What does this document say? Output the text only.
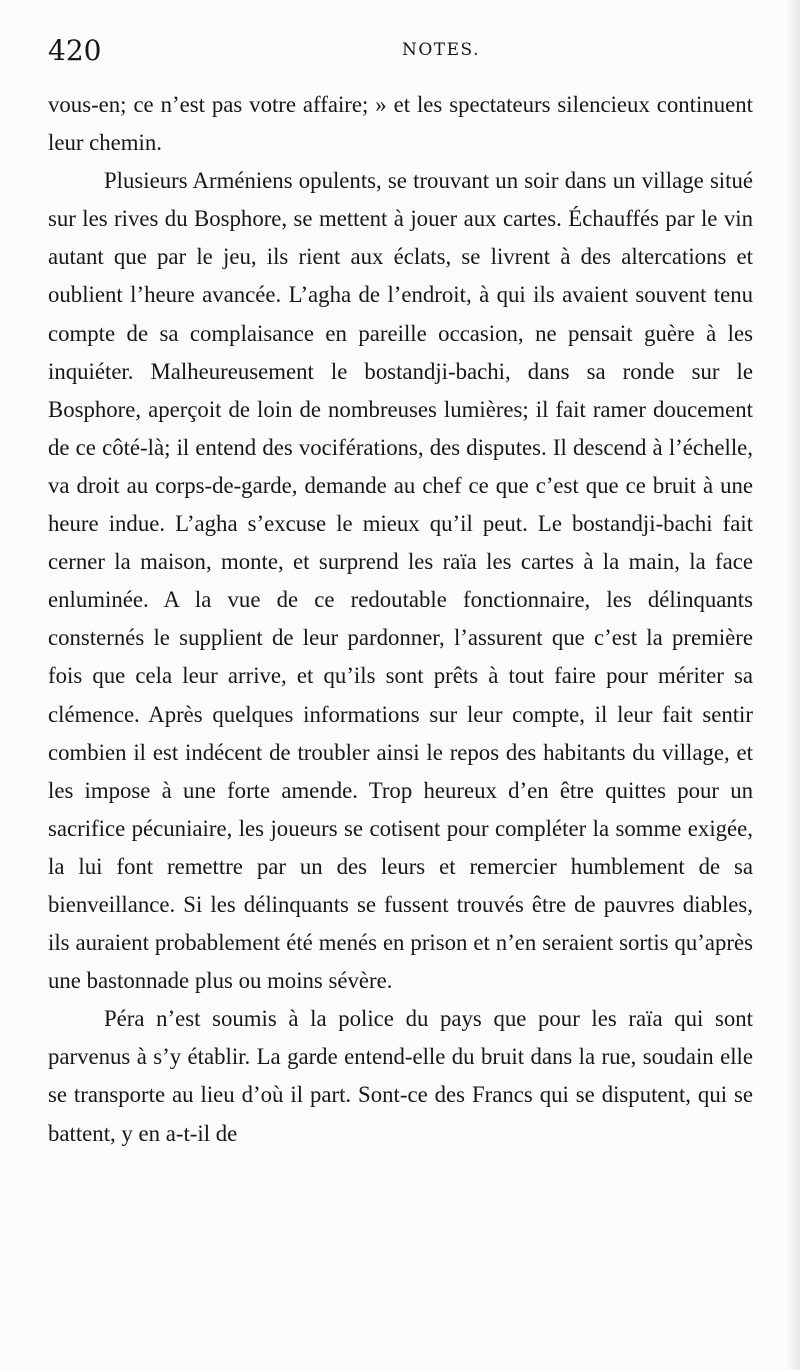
420	NOTES.

vous-en; ce n’est pas votre affaire; » et les spectateurs silencieux continuent leur chemin.

Plusieurs Arméniens opulents, se trouvant un soir dans un village situé sur les rives du Bosphore, se mettent à jouer aux cartes. Échauffés par le vin autant que par le jeu, ils rient aux éclats, se livrent à des altercations et oublient l’heure avancée. L’agha de l’endroit, à qui ils avaient souvent tenu compte de sa complaisance en pareille occasion, ne pensait guère à les inquiéter. Malheureusement le bostandji-bachi, dans sa ronde sur le Bosphore, aperçoit de loin de nombreuses lumières; il fait ramer doucement de ce côté-là; il entend des vociférations, des disputes. Il descend à l’échelle, va droit au corps-de-garde, demande au chef ce que c’est que ce bruit à une heure indue. L’agha s’excuse le mieux qu’il peut. Le bostandji-bachi fait cerner la maison, monte, et surprend les raïa les cartes à la main, la face enluminée. A la vue de ce redoutable fonctionnaire, les délinquants consternés le supplient de leur pardonner, l’assurent que c’est la première fois que cela leur arrive, et qu’ils sont prêts à tout faire pour mériter sa clémence. Après quelques informations sur leur compte, il leur fait sentir combien il est indécent de troubler ainsi le repos des habitants du village, et les impose à une forte amende. Trop heureux d’en être quittes pour un sacrifice pécuniaire, les joueurs se cotisent pour compléter la somme exigée, la lui font remettre par un des leurs et remercier humblement de sa bienveillance. Si les délinquants se fussent trouvés être de pauvres diables, ils auraient probablement été menés en prison et n’en seraient sortis qu’après une bastonnade plus ou moins sévère.

Péra n’est soumis à la police du pays que pour les raïa qui sont parvenus à s’y établir. La garde entend-elle du bruit dans la rue, soudain elle se transporte au lieu d’où il part. Sont-ce des Francs qui se disputent, qui se battent, y en a-t-il de
